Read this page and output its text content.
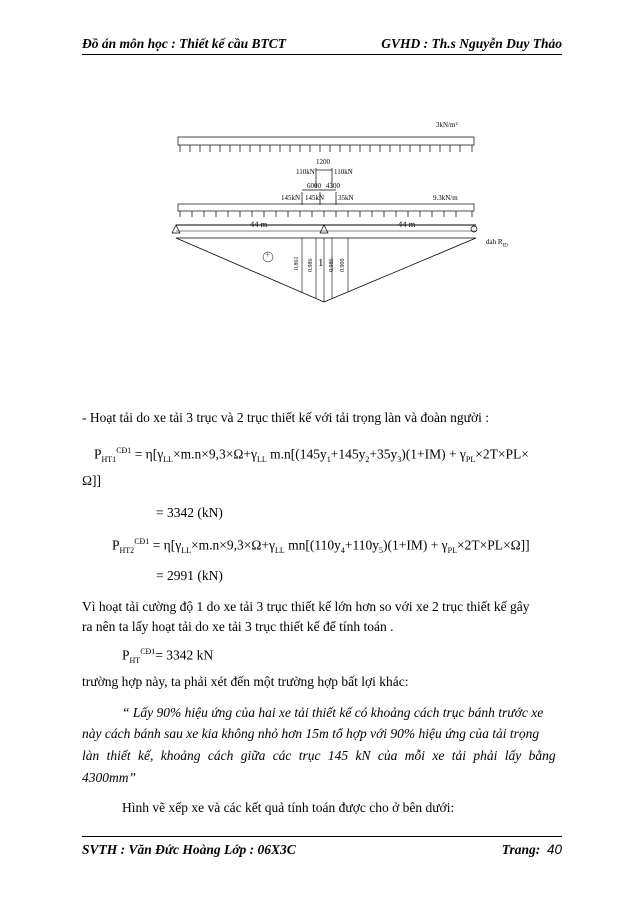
Đồ án môn học : Thiết kế cầu BTCT	GVHD : Th.s Nguyễn Duy Thảo
3kN/m²
1200
110kN	110kN
6000 4300
145kN 145kN 35kN	9.3kN/m
44 m	44 m
dah $R_{ID}$
+
0.861 0.986 1 0.986 0.900
- Hoạt tải do xe tải 3 trục và 2 trục thiết kế với tải trọng làn và đoàn người :
$P_{HT1}^{CĐ1} = \eta[\gamma_{LL}\times m.n\times 9,3\times\Omega+\gamma_{LL}$ $m.n[(145y_1+145y_2+35y_3)(1+IM) + \gamma_{PL}\times 2T\times PL\times$
Ω]]
= 3342 (kN)
$P_{HT2}^{CĐ1} = \eta[\gamma_{LL}\times m.n\times 9,3\times\Omega+\gamma_{LL}$ $mn[(110y_4+110y_5)(1+IM) + \gamma_{PL}\times 2T\times PL\times\Omega]$]
= 2991 (kN)
Vì hoạt tải cường độ 1 do xe tải 3 trục thiết kế lớn hơn so với xe 2 trục thiết kế gây
ra nên ta lấy hoạt tải do xe tải 3 trục thiết kế để tính toán .
$P_{HT}^{CĐ1}= 3342$ kN
trường hợp này, ta phải xét đến một trường hợp bất lợi khác:
“ Lấy 90% hiệu ứng của hai xe tải thiết kế có khoảng cách trục bánh trước xe
này cách bánh sau xe kia không nhỏ hơn 15m tổ hợp với 90% hiệu ứng của tải trọng
làn thiết kế, khoảng cách giữa các trục 145 kN của mỗi xe tải phải lấy bằng
4300mm”
Hình vẽ xếp xe và các kết quả tính toán được cho ở bên dưới:
SVTH : Văn Đức Hoàng Lớp : 06X3C	Trang: 40
